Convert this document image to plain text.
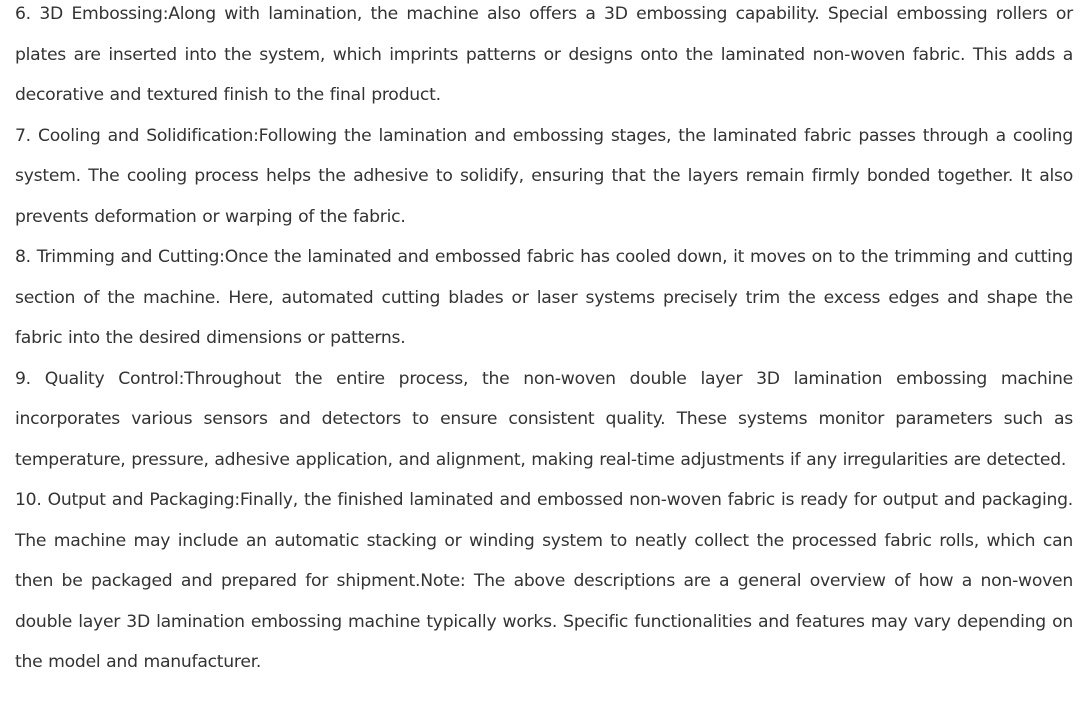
6. 3D Embossing:Along with lamination, the machine also offers a 3D embossing capability. Special embossing rollers or plates are inserted into the system, which imprints patterns or designs onto the laminated non-woven fabric. This adds a decorative and textured finish to the final product.

7. Cooling and Solidification:Following the lamination and embossing stages, the laminated fabric passes through a cooling system. The cooling process helps the adhesive to solidify, ensuring that the layers remain firmly bonded together. It also prevents deformation or warping of the fabric.

8. Trimming and Cutting:Once the laminated and embossed fabric has cooled down, it moves on to the trimming and cutting section of the machine. Here, automated cutting blades or laser systems precisely trim the excess edges and shape the fabric into the desired dimensions or patterns.

9. Quality Control:Throughout the entire process, the non-woven double layer 3D lamination embossing machine incorporates various sensors and detectors to ensure consistent quality. These systems monitor parameters such as temperature, pressure, adhesive application, and alignment, making real-time adjustments if any irregularities are detected.

10. Output and Packaging:Finally, the finished laminated and embossed non-woven fabric is ready for output and packaging. The machine may include an automatic stacking or winding system to neatly collect the processed fabric rolls, which can then be packaged and prepared for shipment.Note: The above descriptions are a general overview of how a non-woven double layer 3D lamination embossing machine typically works. Specific functionalities and features may vary depending on the model and manufacturer.
